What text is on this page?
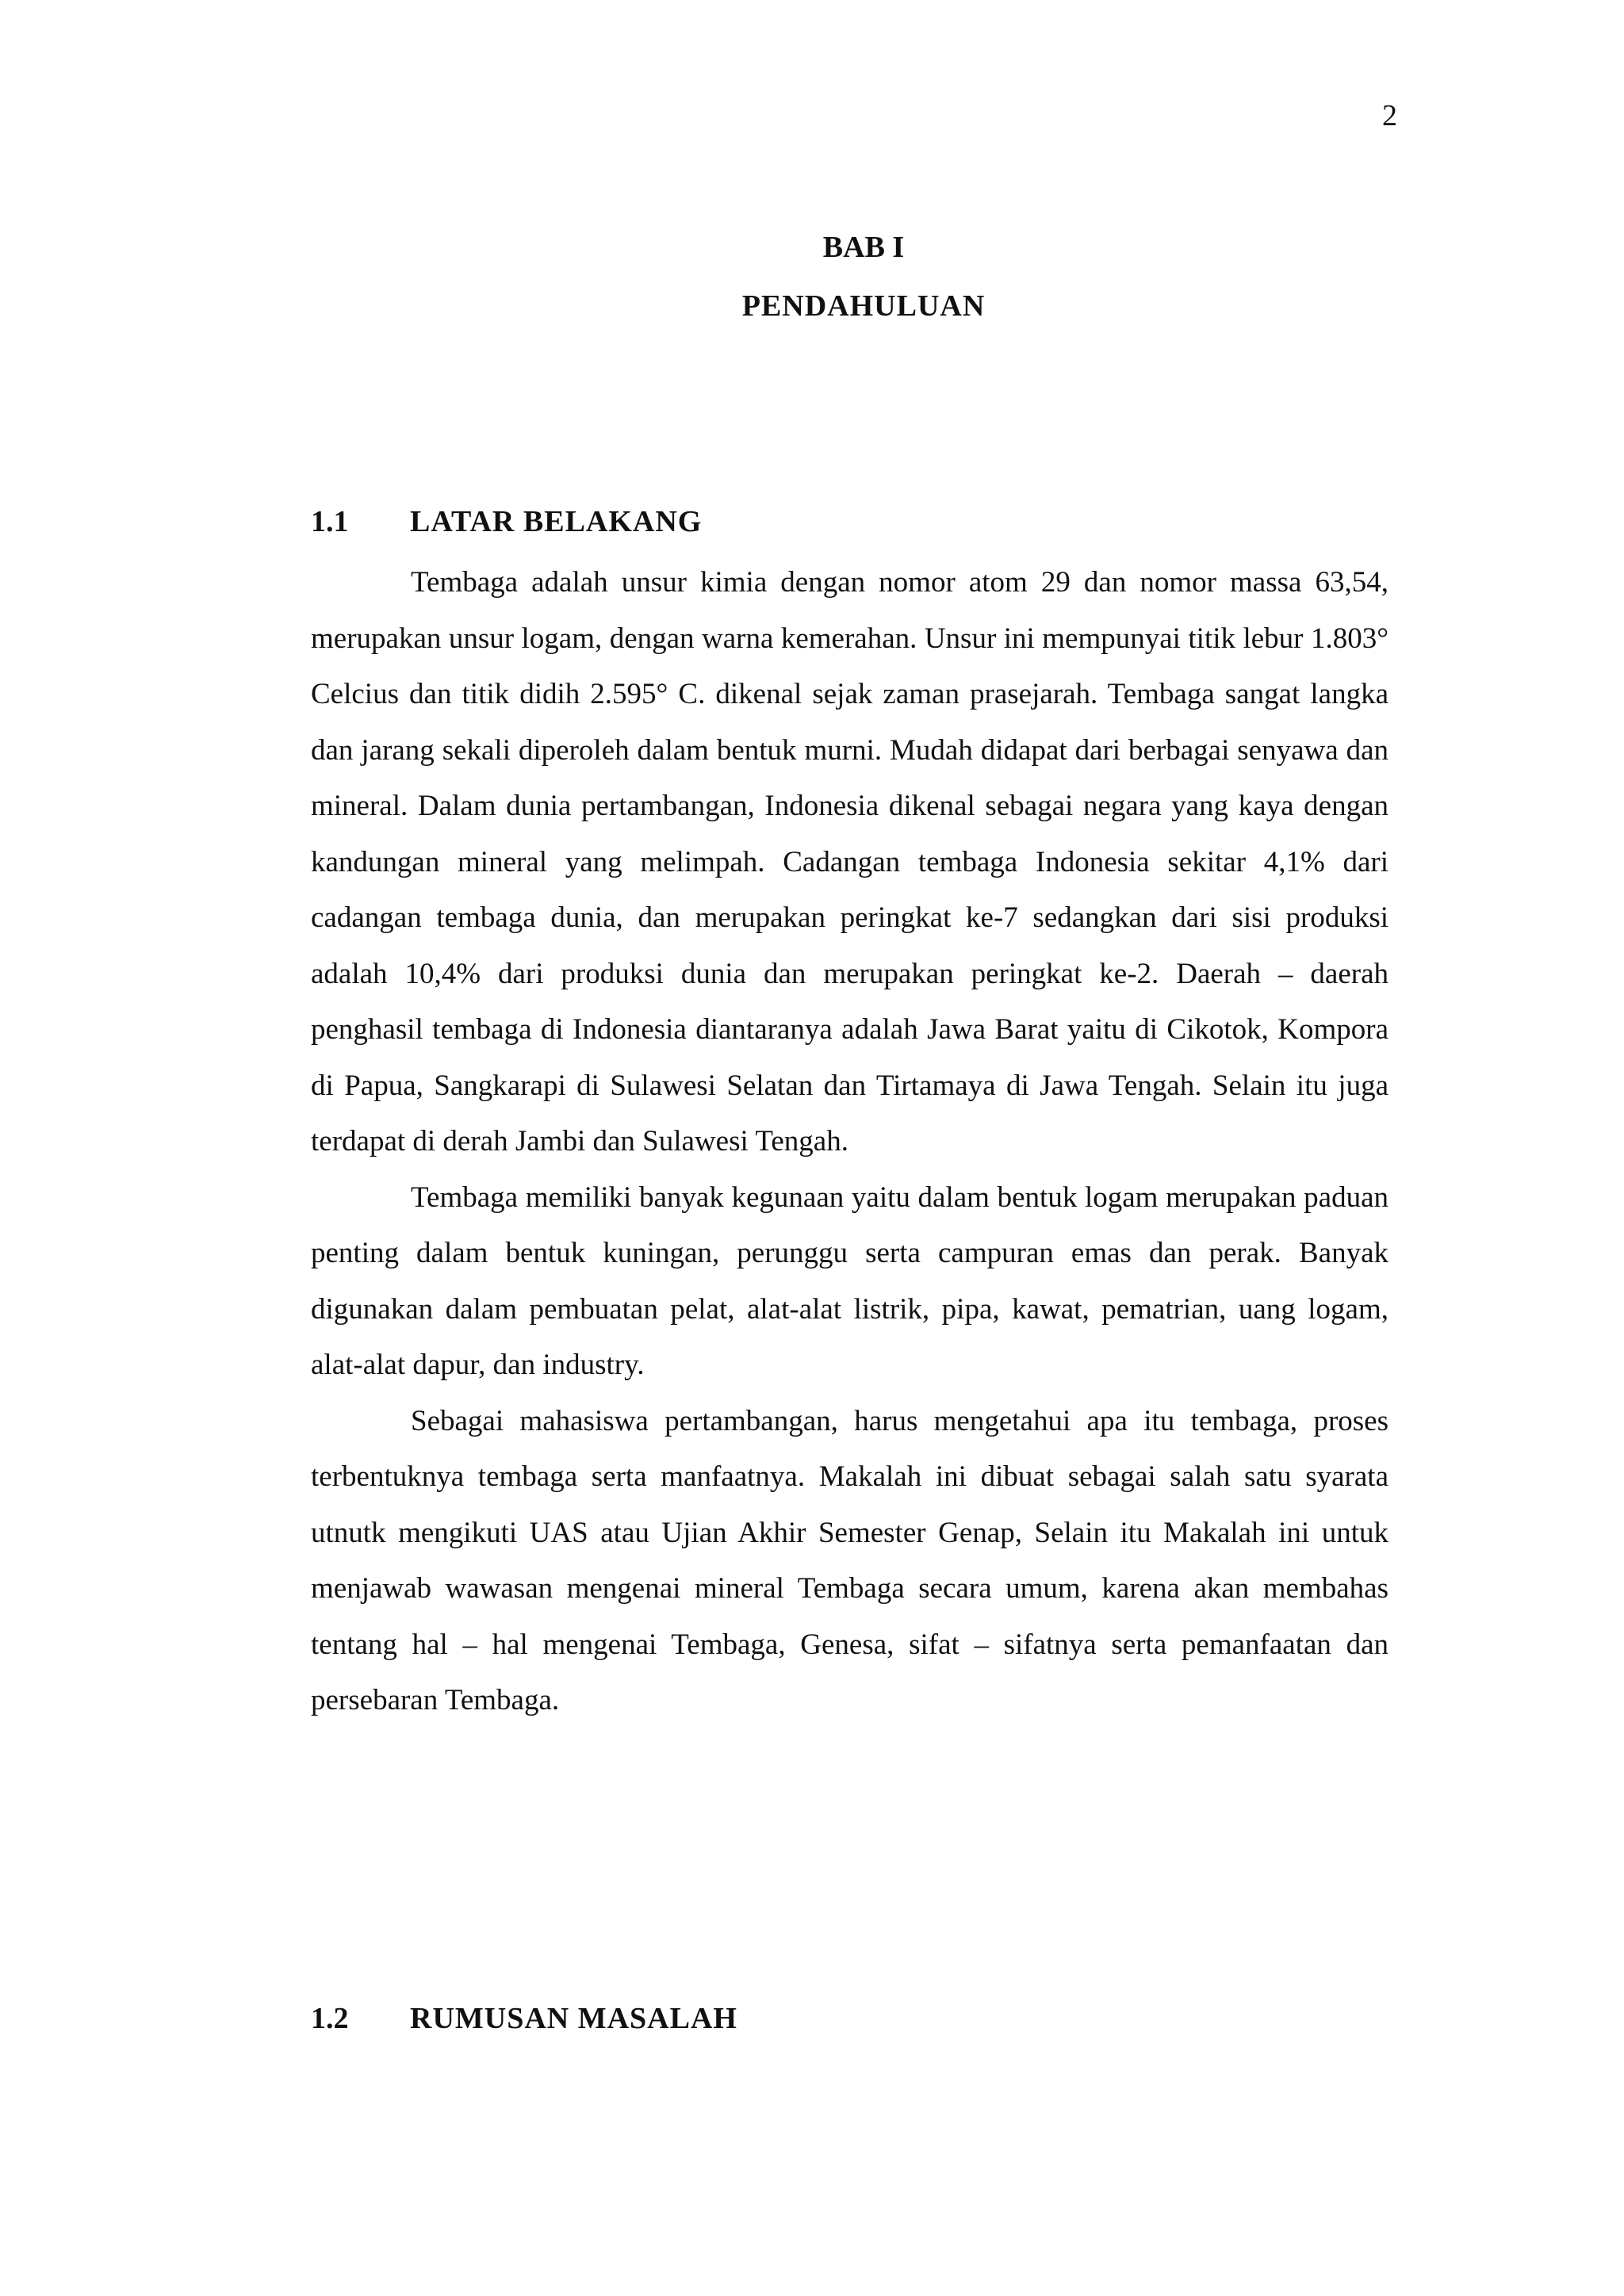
2
BAB I
PENDAHULUAN
1.1 LATAR BELAKANG

Tembaga adalah unsur kimia dengan nomor atom 29 dan nomor massa 63,54, merupakan unsur logam, dengan warna kemerahan. Unsur ini mempunyai titik lebur 1.803° Celcius dan titik didih 2.595° C. dikenal sejak zaman prasejarah. Tembaga sangat langka dan jarang sekali diperoleh dalam bentuk murni. Mudah didapat dari berbagai senyawa dan mineral. Dalam dunia pertambangan, Indonesia dikenal sebagai negara yang kaya dengan kandungan mineral yang melimpah. Cadangan tembaga Indonesia sekitar 4,1% dari cadangan tembaga dunia, dan merupakan peringkat ke-7 sedangkan dari sisi produksi adalah 10,4% dari produksi dunia dan merupakan peringkat ke-2. Daerah – daerah penghasil tembaga di Indonesia diantaranya adalah Jawa Barat yaitu di Cikotok, Kompora di Papua, Sangkarapi di Sulawesi Selatan dan Tirtamaya di Jawa Tengah. Selain itu juga terdapat di derah Jambi dan Sulawesi Tengah.

Tembaga memiliki banyak kegunaan yaitu dalam bentuk logam merupakan paduan penting dalam bentuk kuningan, perunggu serta campuran emas dan perak. Banyak digunakan dalam pembuatan pelat, alat-alat listrik, pipa, kawat, pematrian, uang logam, alat-alat dapur, dan industry.

Sebagai mahasiswa pertambangan, harus mengetahui apa itu tembaga, proses terbentuknya tembaga serta manfaatnya. Makalah ini dibuat sebagai salah satu syarata utnutk mengikuti UAS atau Ujian Akhir Semester Genap, Selain itu Makalah ini untuk menjawab wawasan mengenai mineral Tembaga secara umum, karena akan membahas tentang hal – hal mengenai Tembaga, Genesa, sifat – sifatnya serta pemanfaatan dan persebaran Tembaga.

1.2 RUMUSAN MASALAH
